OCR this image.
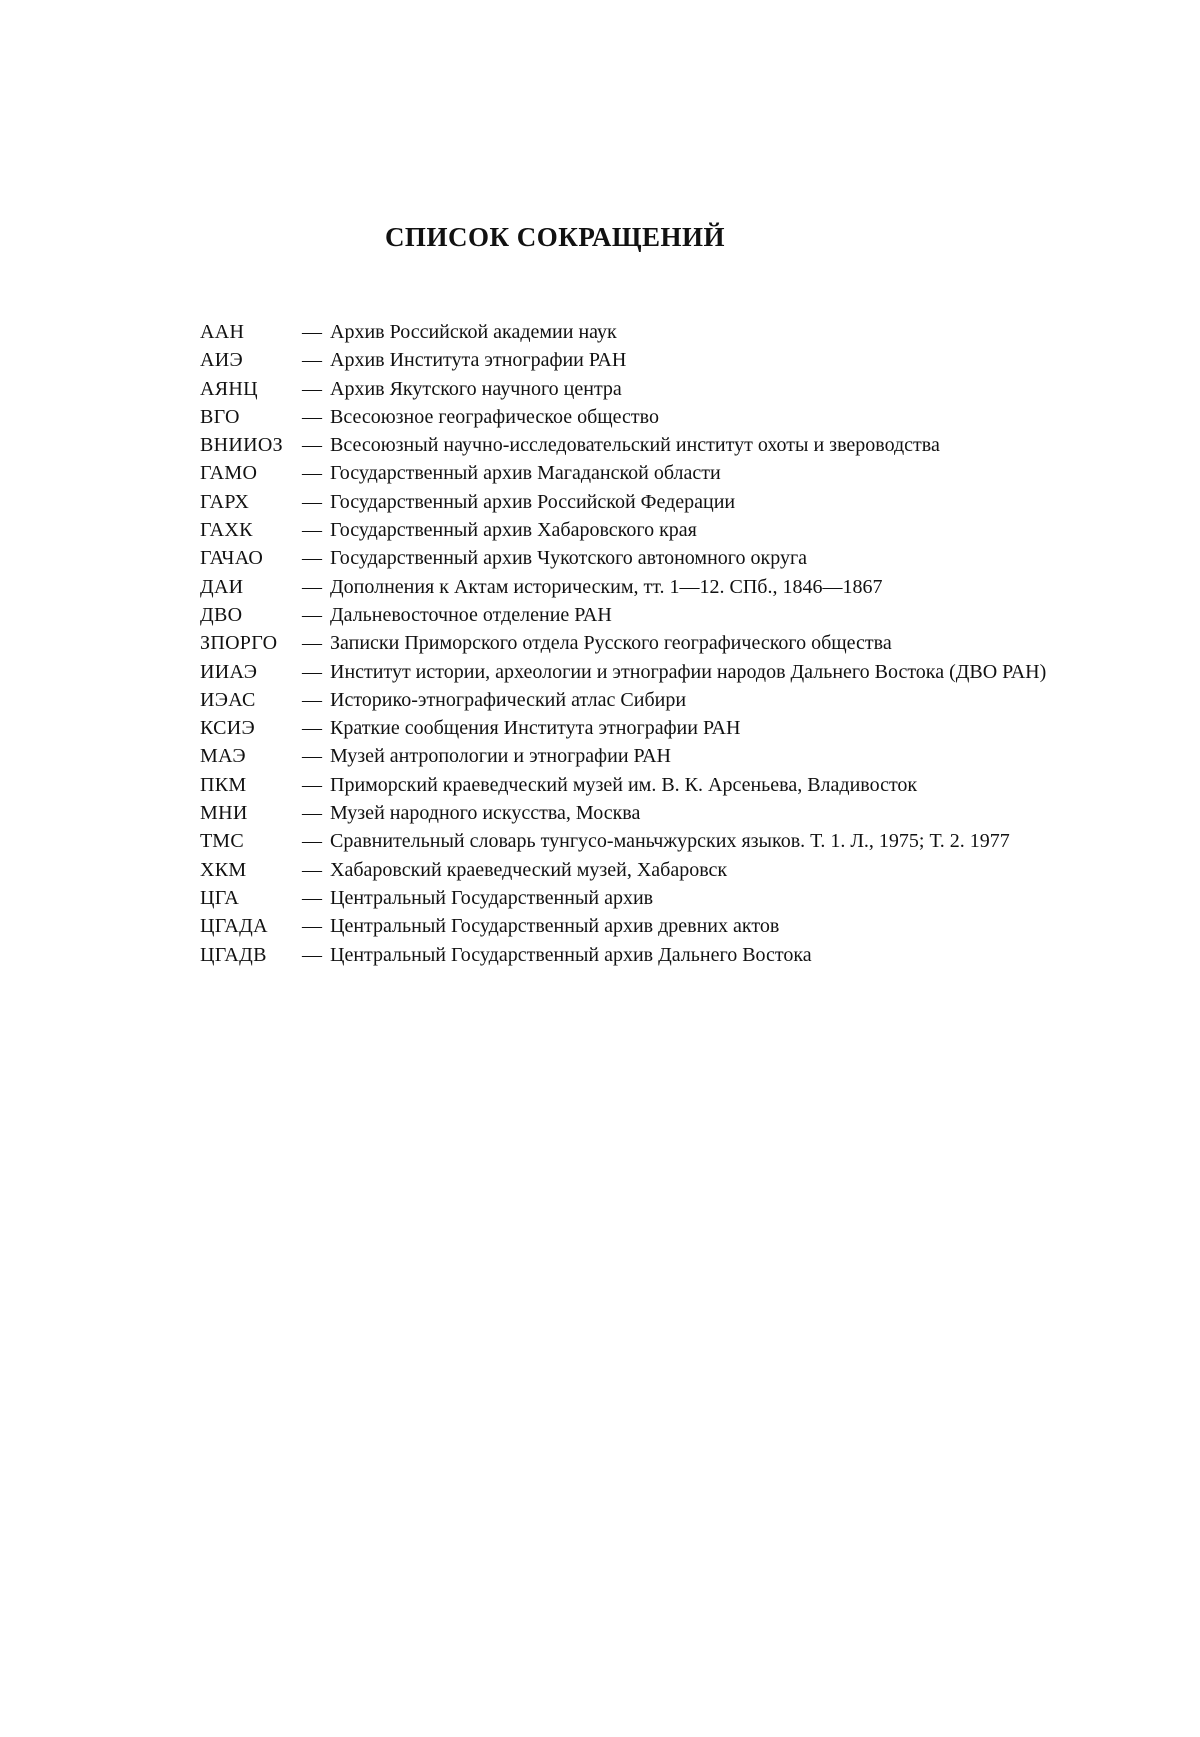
СПИСОК СОКРАЩЕНИЙ
ААН	— Архив Российской академии наук
АИЭ	— Архив Института этнографии РАН
АЯНЦ	— Архив Якутского научного центра
ВГО	— Всесоюзное географическое общество
ВНИИОЗ — Всесоюзный научно-исследовательский институт охоты и звероводства
ГАМО	— Государственный архив Магаданской области
ГАРХ	— Государственный архив Российской Федерации
ГАХК	— Государственный архив Хабаровского края
ГАЧАО	— Государственный архив Чукотского автономного округа
ДАИ	— Дополнения к Актам историческим, тт. 1—12. СПб., 1846—1867
ДВО	— Дальневосточное отделение РАН
ЗПОРГО	— Записки Приморского отдела Русского географического общества
ИИАЭ	— Институт истории, археологии и этнографии народов Дальнего Востока (ДВО РАН)
ИЭАС	— Историко-этнографический атлас Сибири
КСИЭ	— Краткие сообщения Института этнографии РАН
МАЭ	— Музей антропологии и этнографии РАН
ПКМ	— Приморский краеведческий музей им. В. К. Арсеньева, Владивосток
МНИ	— Музей народного искусства, Москва
ТМС	— Сравнительный словарь тунгусо-маньчжурских языков. Т. 1. Л., 1975; Т. 2. 1977
ХКМ	— Хабаровский краеведческий музей, Хабаровск
ЦГА	— Центральный Государственный архив
ЦГАДА	— Центральный Государственный архив древних актов
ЦГАДВ	— Центральный Государственный архив Дальнего Востока
